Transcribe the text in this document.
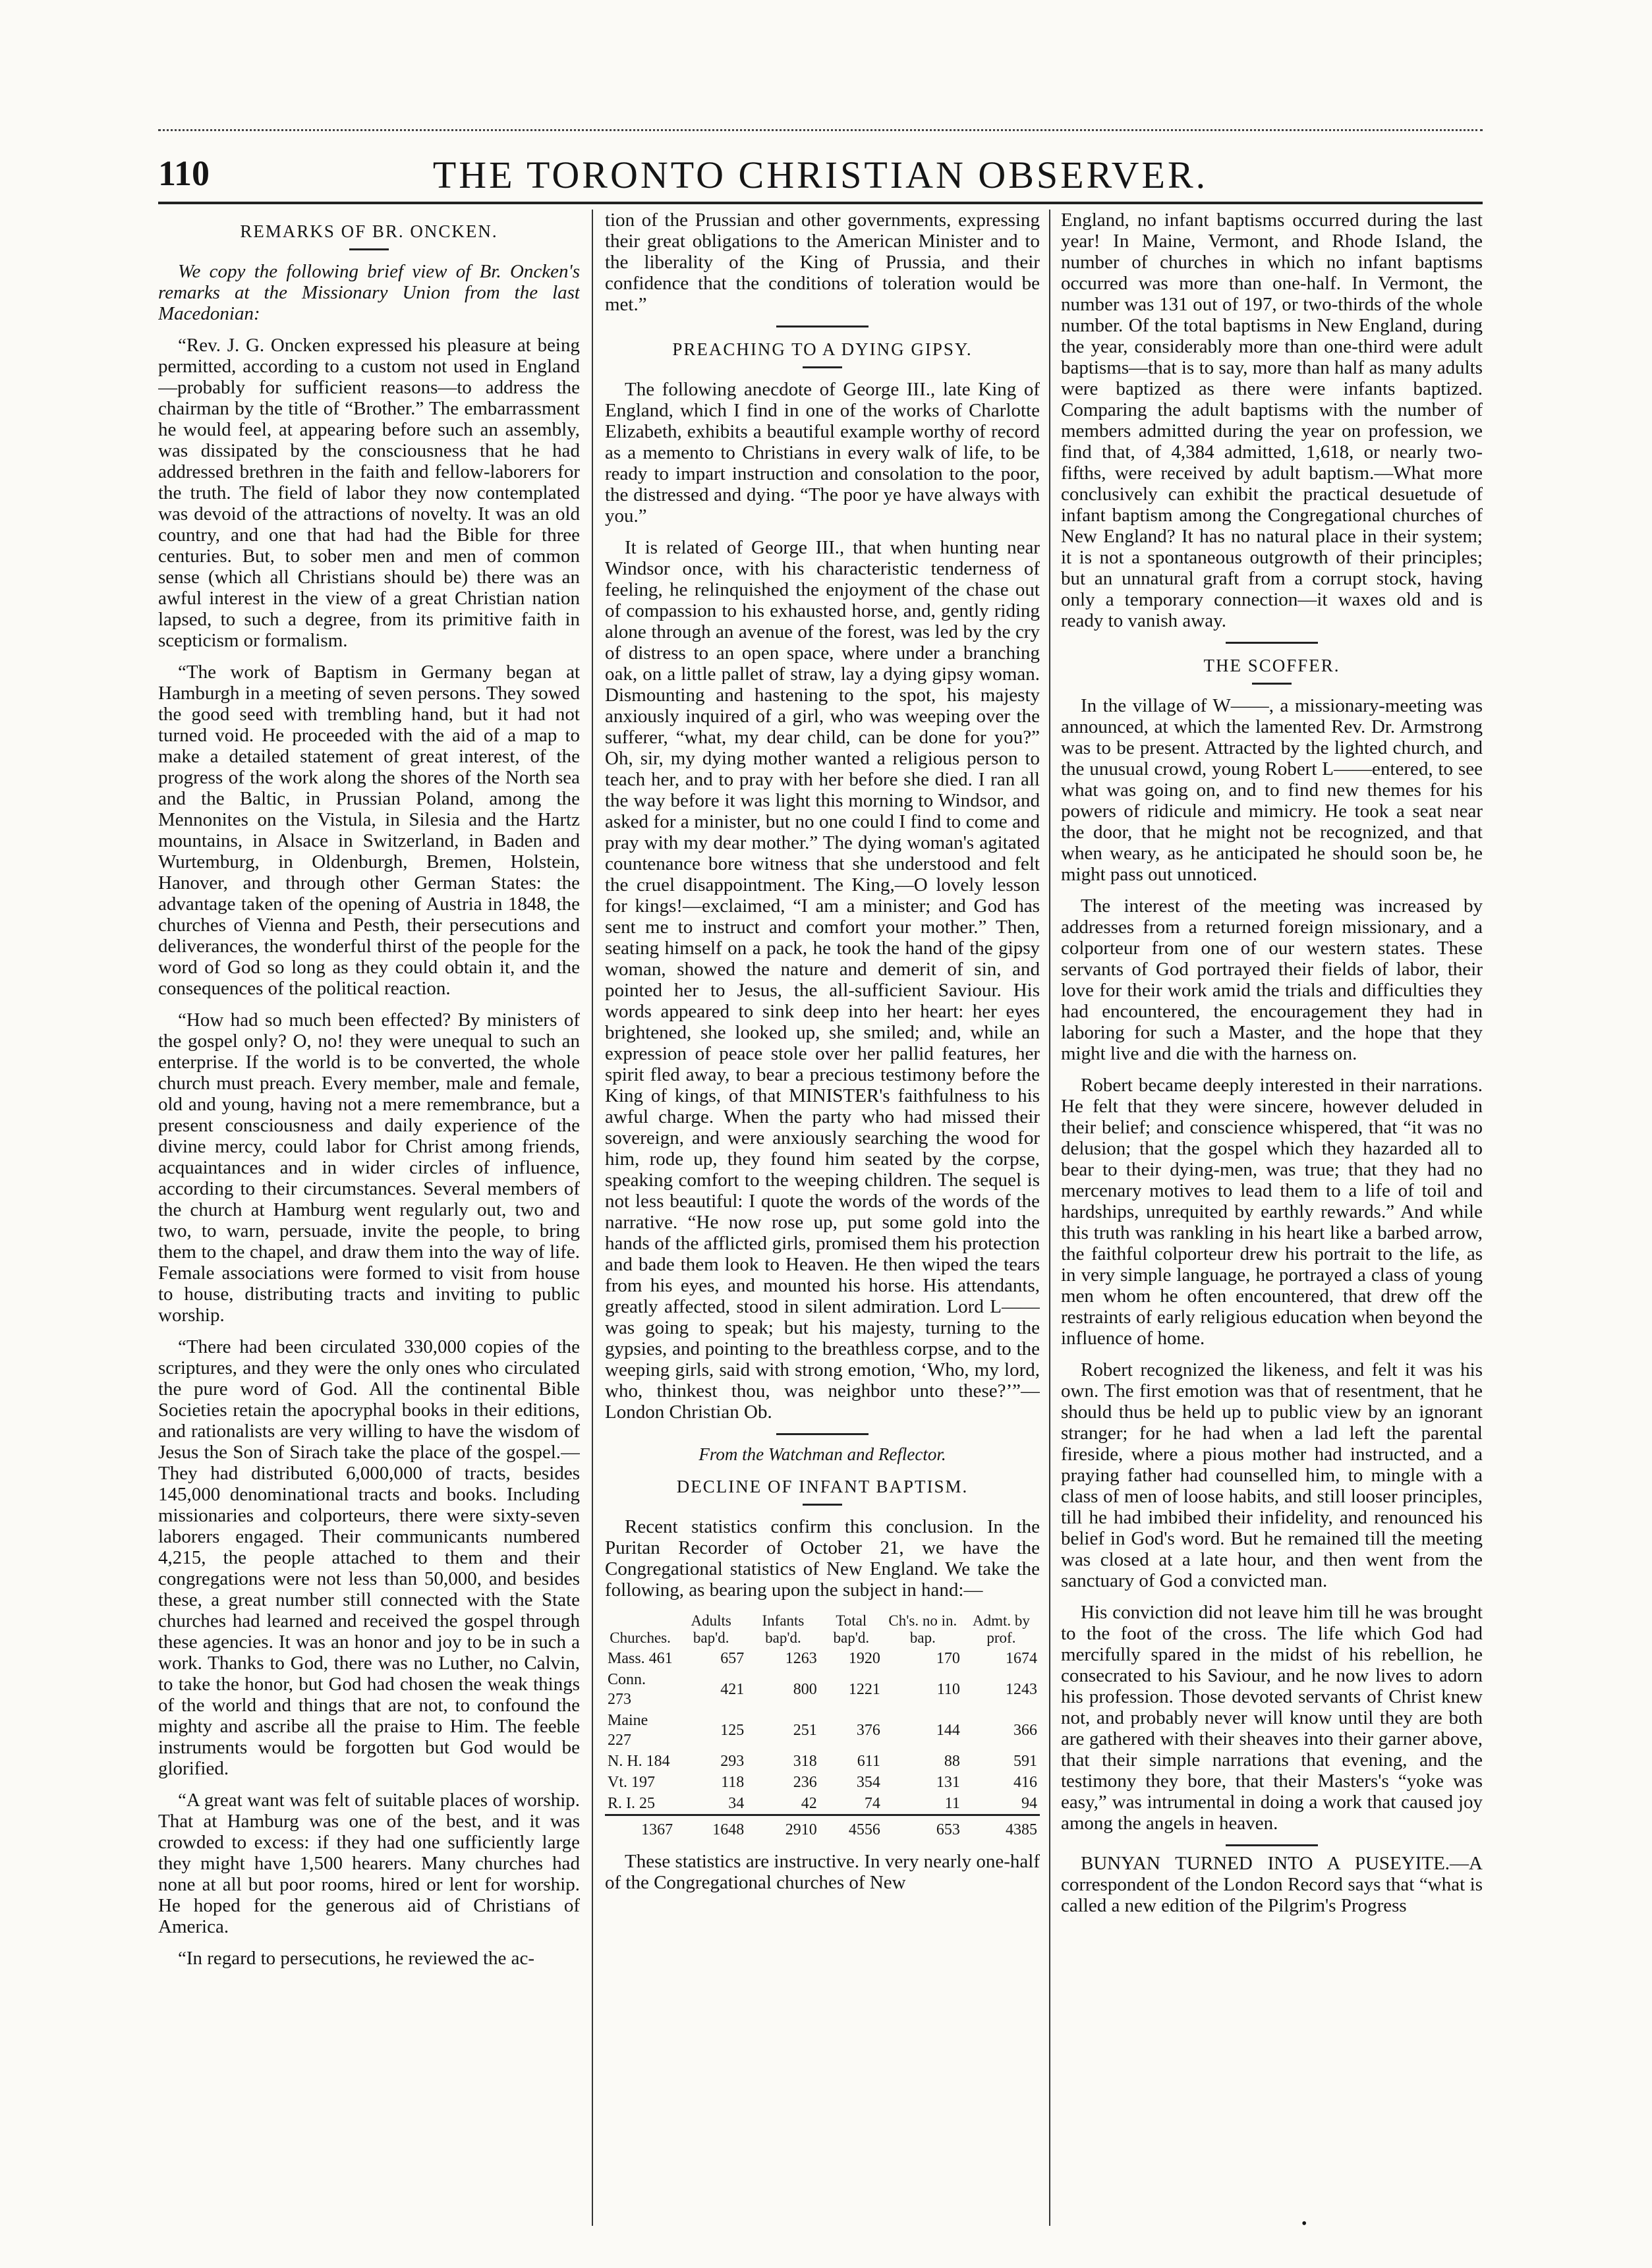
110	THE TORONTO CHRISTIAN OBSERVER.
REMARKS OF BR. ONCKEN.

We copy the following brief view of Br. Oncken's remarks at the Missionary Union from the last Macedonian:

“Rev. J. G. Oncken expressed his pleasure at being permitted, according to a custom not used in England—probably for sufficient reasons—to address the chairman by the title of “Brother.” The embarrassment he would feel, at appearing before such an assembly, was dissipated by the consciousness that he had addressed brethren in the faith and fellow-laborers for the truth. The field of labor they now contemplated was devoid of the attractions of novelty. It was an old country, and one that had had the Bible for three centuries. But, to sober men and men of common sense (which all Christians should be) there was an awful interest in the view of a great Christian nation lapsed, to such a degree, from its primitive faith in scepticism or formalism.

“The work of Baptism in Germany began at Hamburgh in a meeting of seven persons. They sowed the good seed with trembling hand, but it had not turned void. He proceeded with the aid of a map to make a detailed statement of great interest, of the progress of the work along the shores of the North sea and the Baltic, in Prussian Poland, among the Mennonites on the Vistula, in Silesia and the Hartz mountains, in Alsace in Switzerland, in Baden and Wurtemburg, in Oldenburgh, Bremen, Holstein, Hanover, and through other German States: the advantage taken of the opening of Austria in 1848, the churches of Vienna and Pesth, their persecutions and deliverances, the wonderful thirst of the people for the word of God so long as they could obtain it, and the consequences of the political reaction.

“How had so much been effected? By ministers of the gospel only? O, no! they were unequal to such an enterprise. If the world is to be converted, the whole church must preach. Every member, male and female, old and young, having not a mere remembrance, but a present consciousness and daily experience of the divine mercy, could labor for Christ among friends, acquaintances and in wider circles of influence, according to their circumstances. Several members of the church at Hamburg went regularly out, two and two, to warn, persuade, invite the people, to bring them to the chapel, and draw them into the way of life. Female associations were formed to visit from house to house, distributing tracts and inviting to public worship.

“There had been circulated 330,000 copies of the scriptures, and they were the only ones who circulated the pure word of God. All the continental Bible Societies retain the apocryphal books in their editions, and rationalists are very willing to have the wisdom of Jesus the Son of Sirach take the place of the gospel.—They had distributed 6,000,000 of tracts, besides 145,000 denominational tracts and books. Including missionaries and colporteurs, there were sixty-seven laborers engaged. Their communicants numbered 4,215, the people attached to them and their congregations were not less than 50,000, and besides these, a great number still connected with the State churches had learned and received the gospel through these agencies. It was an honor and joy to be in such a work. Thanks to God, there was no Luther, no Calvin, to take the honor, but God had chosen the weak things of the world and things that are not, to confound the mighty and ascribe all the praise to Him. The feeble instruments would be forgotten but God would be glorified.

“A great want was felt of suitable places of worship. That at Hamburg was one of the best, and it was crowded to excess: if they had one sufficiently large they might have 1,500 hearers. Many churches had none at all but poor rooms, hired or lent for worship. He hoped for the generous aid of Christians of America.

“In regard to persecutions, he reviewed the ac-

tion of the Prussian and other governments, expressing their great obligations to the American Minister and to the liberality of the King of Prussia, and their confidence that the conditions of toleration would be met.”

PREACHING TO A DYING GIPSY.

The following anecdote of George III., late King of England, which I find in one of the works of Charlotte Elizabeth, exhibits a beautiful example worthy of record as a memento to Christians in every walk of life, to be ready to impart instruction and consolation to the poor, the distressed and dying. “The poor ye have always with you.”

It is related of George III., that when hunting near Windsor once, with his characteristic tenderness of feeling, he relinquished the enjoyment of the chase out of compassion to his exhausted horse, and, gently riding alone through an avenue of the forest, was led by the cry of distress to an open space, where under a branching oak, on a little pallet of straw, lay a dying gipsy woman. Dismounting and hastening to the spot, his majesty anxiously inquired of a girl, who was weeping over the sufferer, “what, my dear child, can be done for you?” Oh, sir, my dying mother wanted a religious person to teach her, and to pray with her before she died. I ran all the way before it was light this morning to Windsor, and asked for a minister, but no one could I find to come and pray with my dear mother.” The dying woman's agitated countenance bore witness that she understood and felt the cruel disappointment. The King,—O lovely lesson for kings!—exclaimed, “I am a minister; and God has sent me to instruct and comfort your mother.” Then, seating himself on a pack, he took the hand of the gipsy woman, showed the nature and demerit of sin, and pointed her to Jesus, the all-sufficient Saviour. His words appeared to sink deep into her heart: her eyes brightened, she looked up, she smiled; and, while an expression of peace stole over her pallid features, her spirit fled away, to bear a precious testimony before the King of kings, of that MINISTER's faithfulness to his awful charge. When the party who had missed their sovereign, and were anxiously searching the wood for him, rode up, they found him seated by the corpse, speaking comfort to the weeping children. The sequel is not less beautiful: I quote the words of the words of the narrative. “He now rose up, put some gold into the hands of the afflicted girls, promised them his protection and bade them look to Heaven. He then wiped the tears from his eyes, and mounted his horse. His attendants, greatly affected, stood in silent admiration. Lord L——was going to speak; but his majesty, turning to the gypsies, and pointing to the breathless corpse, and to the weeping girls, said with strong emotion, ‘Who, my lord, who, thinkest thou, was neighbor unto these?’”—London Christian Ob.

From the Watchman and Reflector.
DECLINE OF INFANT BAPTISM.

Recent statistics confirm this conclusion. In the Puritan Recorder of October 21, we have the Congregational statistics of New England. We take the following, as bearing upon the subject in hand:—

Churches.	Adults bap'd.	Infants bap'd.	Total bap'd.	Ch's. no in. bap.	Admt. by prof.
Mass. 461	657	1263	1920	170	1674
Conn. 273	421	800	1221	110	1243
Maine 227	125	251	376	144	366
N. H. 184	293	318	611	88	591
Vt. 197	118	236	354	131	416
R. I. 25	34	42	74	11	94
1367	1648	2910	4556	653	4385

These statistics are instructive. In very nearly one-half of the Congregational churches of New

England, no infant baptisms occurred during the last year! In Maine, Vermont, and Rhode Island, the number of churches in which no infant baptisms occurred was more than one-half. In Vermont, the number was 131 out of 197, or two-thirds of the whole number. Of the total baptisms in New England, during the year, considerably more than one-third were adult baptisms—that is to say, more than half as many adults were baptized as there were infants baptized. Comparing the adult baptisms with the number of members admitted during the year on profession, we find that, of 4,384 admitted, 1,618, or nearly two-fifths, were received by adult baptism.—What more conclusively can exhibit the practical desuetude of infant baptism among the Congregational churches of New England? It has no natural place in their system; it is not a spontaneous outgrowth of their principles; but an unnatural graft from a corrupt stock, having only a temporary connection—it waxes old and is ready to vanish away.

THE SCOFFER.

In the village of W——, a missionary-meeting was announced, at which the lamented Rev. Dr. Armstrong was to be present. Attracted by the lighted church, and the unusual crowd, young Robert L——entered, to see what was going on, and to find new themes for his powers of ridicule and mimicry. He took a seat near the door, that he might not be recognized, and that when weary, as he anticipated he should soon be, he might pass out unnoticed.

The interest of the meeting was increased by addresses from a returned foreign missionary, and a colporteur from one of our western states. These servants of God portrayed their fields of labor, their love for their work amid the trials and difficulties they had encountered, the encouragement they had in laboring for such a Master, and the hope that they might live and die with the harness on.

Robert became deeply interested in their narrations. He felt that they were sincere, however deluded in their belief; and conscience whispered, that “it was no delusion; that the gospel which they hazarded all to bear to their dying-men, was true; that they had no mercenary motives to lead them to a life of toil and hardships, unrequited by earthly rewards.” And while this truth was rankling in his heart like a barbed arrow, the faithful colporteur drew his portrait to the life, as in very simple language, he portrayed a class of young men whom he often encountered, that drew off the restraints of early religious education when beyond the influence of home.

Robert recognized the likeness, and felt it was his own. The first emotion was that of resentment, that he should thus be held up to public view by an ignorant stranger; for he had when a lad left the parental fireside, where a pious mother had instructed, and a praying father had counselled him, to mingle with a class of men of loose habits, and still looser principles, till he had imbibed their infidelity, and renounced his belief in God's word. But he remained till the meeting was closed at a late hour, and then went from the sanctuary of God a convicted man.

His conviction did not leave him till he was brought to the foot of the cross. The life which God had mercifully spared in the midst of his rebellion, he consecrated to his Saviour, and he now lives to adorn his profession. Those devoted servants of Christ knew not, and probably never will know until they are both are gathered with their sheaves into their garner above, that their simple narrations that evening, and the testimony they bore, that their Masters's “yoke was easy,” was intrumental in doing a work that caused joy among the angels in heaven.

BUNYAN TURNED INTO A PUSEYITE.—A correspondent of the London Record says that “what is called a new edition of the Pilgrim's Progress

•
